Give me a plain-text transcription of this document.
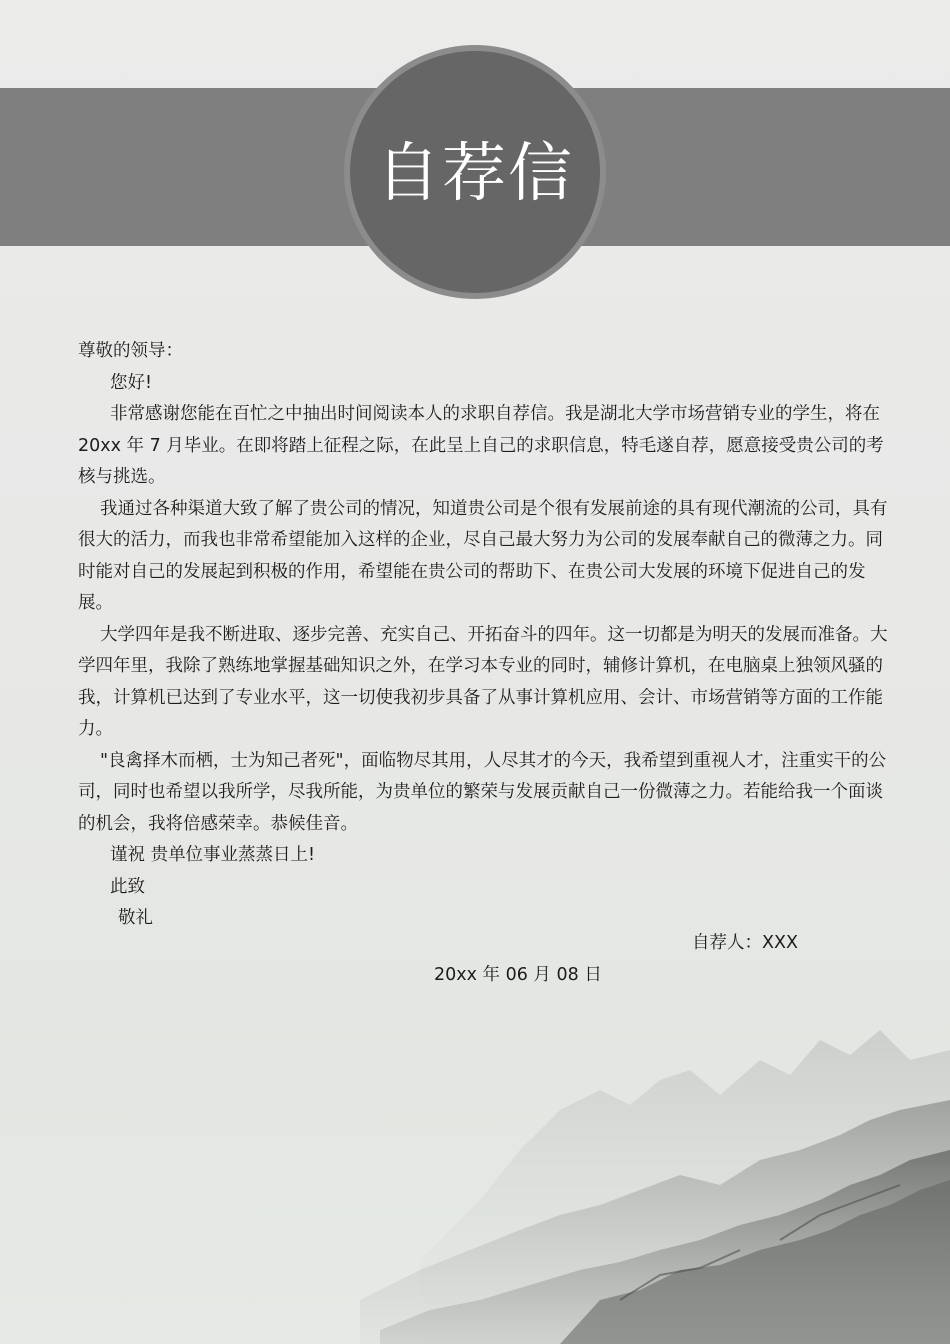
自荐信

尊敬的领导：

您好!

非常感谢您能在百忙之中抽出时间阅读本人的求职自荐信。我是湖北大学市场营销专业的学生，将在 20xx 年 7 月毕业。在即将踏上征程之际，在此呈上自己的求职信息，特毛遂自荐，愿意接受贵公司的考核与挑选。

我通过各种渠道大致了解了贵公司的情况，知道贵公司是个很有发展前途的具有现代潮流的公司，具有很大的活力，而我也非常希望能加入这样的企业，尽自己最大努力为公司的发展奉献自己的微薄之力。同时能对自己的发展起到积极的作用，希望能在贵公司的帮助下、在贵公司大发展的环境下促进自己的发展。

大学四年是我不断进取、逐步完善、充实自己、开拓奋斗的四年。这一切都是为明天的发展而准备。大学四年里，我除了熟练地掌握基础知识之外，在学习本专业的同时，辅修计算机，在电脑桌上独领风骚的我，计算机已达到了专业水平，这一切使我初步具备了从事计算机应用、会计、市场营销等方面的工作能力。

"良禽择木而栖，士为知己者死"，面临物尽其用，人尽其才的今天，我希望到重视人才，注重实干的公司，同时也希望以我所学，尽我所能，为贵单位的繁荣与发展贡献自己一份微薄之力。若能给我一个面谈的机会，我将倍感荣幸。恭候佳音。

谨祝 贵单位事业蒸蒸日上!

此致

敬礼

自荐人：XXX
20xx 年 06 月 08 日
